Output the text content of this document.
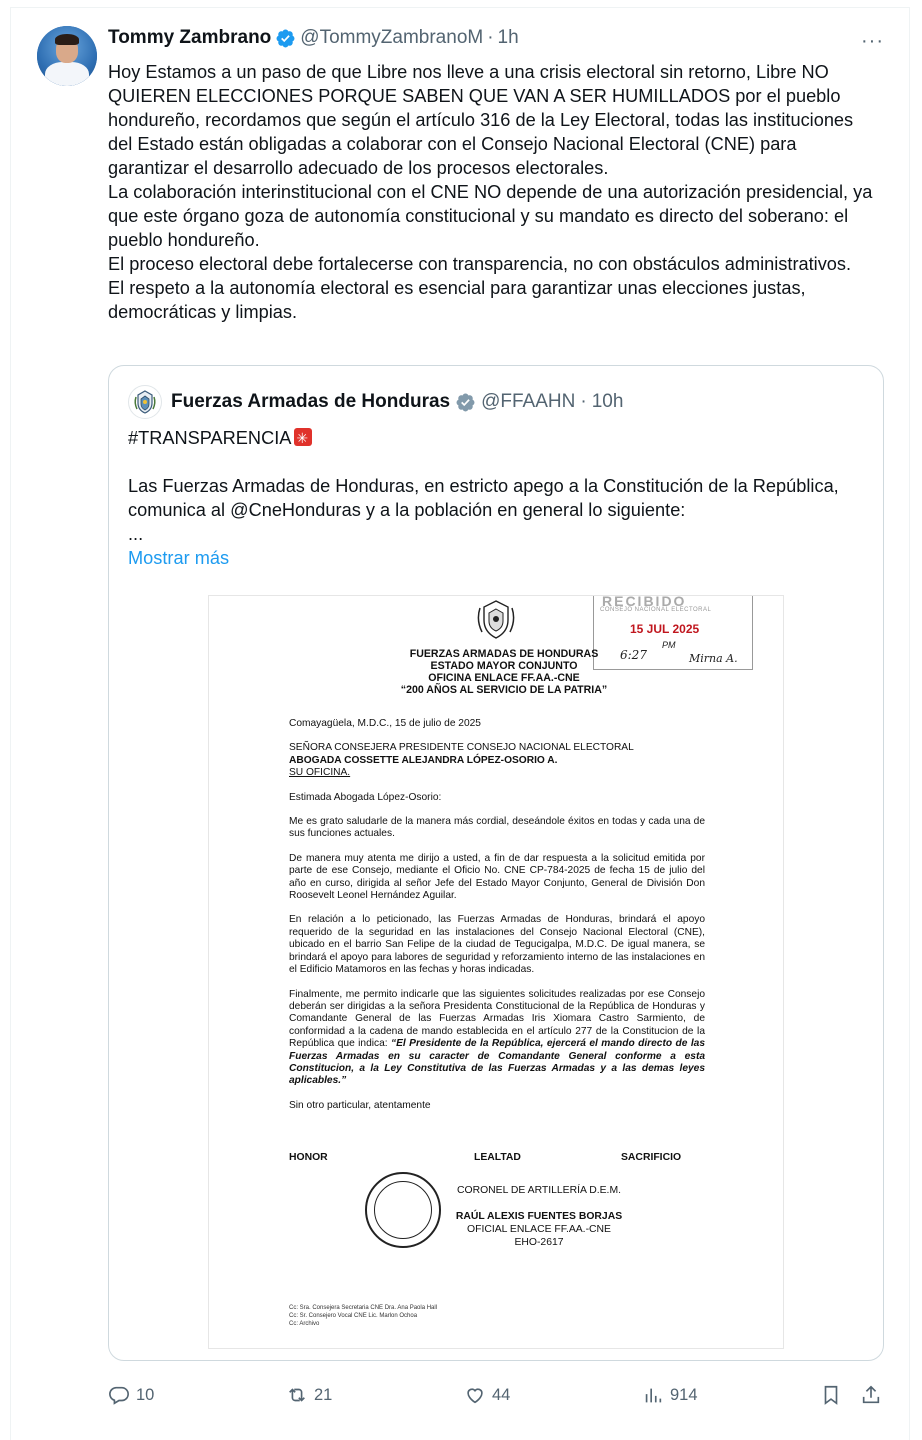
Tommy Zambrano @TommyZambranoM · 1h	···

Hoy Estamos a un paso de que Libre nos lleve a una crisis electoral sin retorno, Libre NO QUIEREN ELECCIONES PORQUE SABEN QUE VAN A SER HUMILLADOS por el pueblo hondureño, recordamos que según el artículo 316 de la Ley Electoral, todas las instituciones del Estado están obligadas a colaborar con el Consejo Nacional Electoral (CNE) para garantizar el desarrollo adecuado de los procesos electorales.

La colaboración interinstitucional con el CNE NO depende de una autorización presidencial, ya que este órgano goza de autonomía constitucional y su mandato es directo del soberano: el pueblo hondureño.

El proceso electoral debe fortalecerse con transparencia, no con obstáculos administrativos.

El respeto a la autonomía electoral es esencial para garantizar unas elecciones justas, democráticas y limpias.

Fuerzas Armadas de Honduras @FFAAHN · 10h

#TRANSPARENCIA✳

Las Fuerzas Armadas de Honduras, en estricto apego a la Constitución de la República, comunica al @CneHonduras y a la población en general lo siguiente:

...

Mostrar más
RECIBIDO
CONSEJO NACIONAL ELECTORAL
15 JUL 2025
PM
6:27	Mirna A.
FUERZAS ARMADAS DE HONDURAS
ESTADO MAYOR CONJUNTO
OFICINA ENLACE FF.AA.-CNE
“200 AÑOS AL SERVICIO DE LA PATRIA”

Comayagüela, M.D.C., 15 de julio de 2025

SEÑORA CONSEJERA PRESIDENTE CONSEJO NACIONAL ELECTORAL
ABOGADA COSSETTE ALEJANDRA LÓPEZ-OSORIO A.
SU OFICINA.

Estimada Abogada López-Osorio:

Me es grato saludarle de la manera más cordial, deseándole éxitos en todas y cada una de sus funciones actuales.

De manera muy atenta me dirijo a usted, a fin de dar respuesta a la solicitud emitida por parte de ese Consejo, mediante el Oficio No. CNE CP-784-2025 de fecha 15 de julio del año en curso, dirigida al señor Jefe del Estado Mayor Conjunto, General de División Don Roosevelt Leonel Hernández Aguilar.

En relación a lo peticionado, las Fuerzas Armadas de Honduras, brindará el apoyo requerido de la seguridad en las instalaciones del Consejo Nacional Electoral (CNE), ubicado en el barrio San Felipe de la ciudad de Tegucigalpa, M.D.C. De igual manera, se brindará el apoyo para labores de seguridad y reforzamiento interno de las instalaciones en el Edificio Matamoros en las fechas y horas indicadas.

Finalmente, me permito indicarle que las siguientes solicitudes realizadas por ese Consejo deberán ser dirigidas a la señora Presidenta Constitucional de la República de Honduras y Comandante General de las Fuerzas Armadas Iris Xiomara Castro Sarmiento, de conformidad a la cadena de mando establecida en el artículo 277 de la Constitucion de la República que indica: “El Presidente de la República, ejercerá el mando directo de las Fuerzas Armadas en su caracter de Comandante General conforme a esta Constitucion, a la Ley Constitutiva de las Fuerzas Armadas y a las demas leyes aplicables.”

Sin otro particular, atentamente

HONOR	LEALTAD	SACRIFICIO
CORONEL DE ARTILLERÍA D.E.M.

RAÚL ALEXIS FUENTES BORJAS
OFICIAL ENLACE FF.AA.-CNE
EHO-2617
Cc: Sra. Consejera Secretaria CNE Dra. Ana Paola Hall
Cc: Sr. Consejero Vocal CNE Lic. Marlon Ochoa
Cc: Archivo
10	21	44	914
